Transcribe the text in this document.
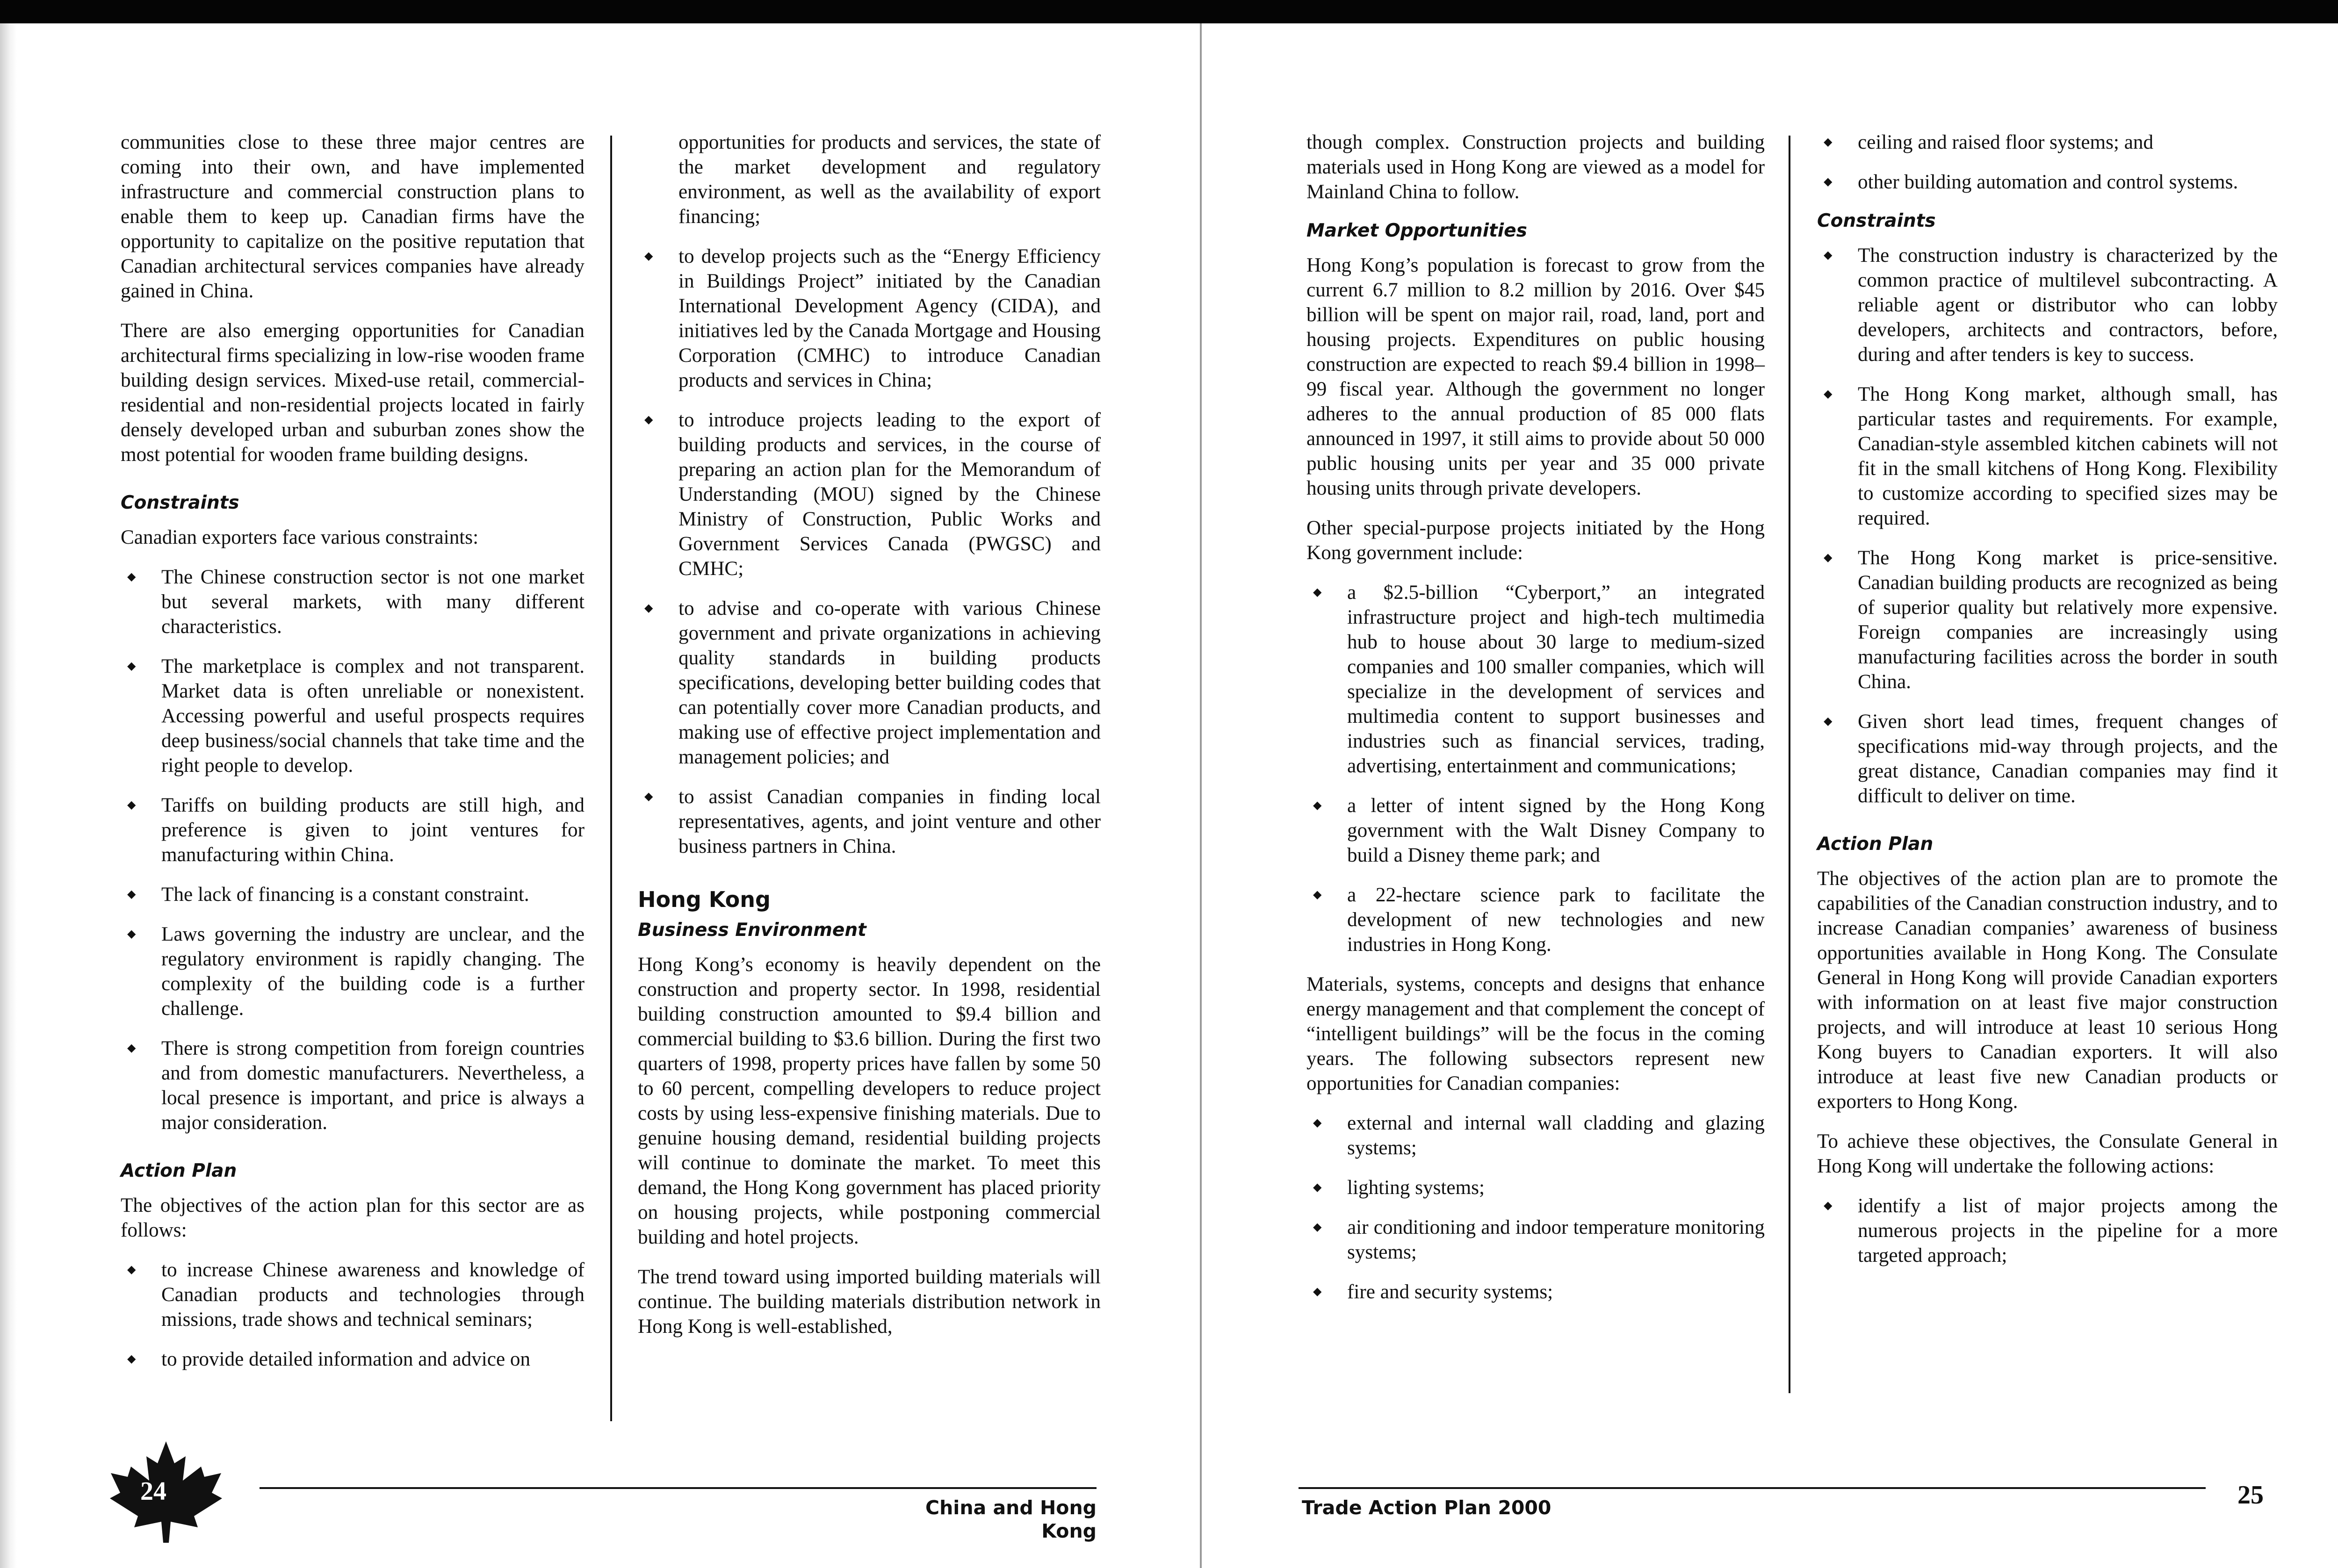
communities close to these three major centres are coming into their own, and have implemented infrastructure and commercial construction plans to enable them to keep up. Canadian firms have the opportunity to capitalize on the positive reputation that Canadian architectural services companies have already gained in China.

There are also emerging opportunities for Canadian architectural firms specializing in low-rise wooden frame building design services. Mixed-use retail, commercial-residential and non-residential projects located in fairly densely developed urban and suburban zones show the most potential for wooden frame building designs.

Constraints

Canadian exporters face various constraints:

◆ The Chinese construction sector is not one market but several markets, with many different characteristics.
◆ The marketplace is complex and not transparent. Market data is often unreliable or nonexistent. Accessing powerful and useful prospects requires deep business/social channels that take time and the right people to develop.
◆ Tariffs on building products are still high, and preference is given to joint ventures for manufacturing within China.
◆ The lack of financing is a constant constraint.
◆ Laws governing the industry are unclear, and the regulatory environment is rapidly changing. The complexity of the building code is a further challenge.
◆ There is strong competition from foreign countries and from domestic manufacturers. Nevertheless, a local presence is important, and price is always a major consideration.
Action Plan

The objectives of the action plan for this sector are as follows:

◆ to increase Chinese awareness and knowledge of Canadian products and technologies through missions, trade shows and technical seminars;
◆ to provide detailed information and advice on

opportunities for products and services, the state of the market development and regulatory environment, as well as the availability of export financing;

◆ to develop projects such as the “Energy Efficiency in Buildings Project” initiated by the Canadian International Development Agency (CIDA), and initiatives led by the Canada Mortgage and Housing Corporation (CMHC) to introduce Canadian products and services in China;
◆ to introduce projects leading to the export of building products and services, in the course of preparing an action plan for the Memorandum of Understanding (MOU) signed by the Chinese Ministry of Construction, Public Works and Government Services Canada (PWGSC) and CMHC;
◆ to advise and co-operate with various Chinese government and private organizations in achieving quality standards in building products specifications, developing better building codes that can potentially cover more Canadian products, and making use of effective project implementation and management policies; and
◆ to assist Canadian companies in finding local representatives, agents, and joint venture and other business partners in China.
Hong Kong
Business Environment

Hong Kong’s economy is heavily dependent on the construction and property sector. In 1998, residential building construction amounted to $9.4 billion and commercial building to $3.6 billion. During the first two quarters of 1998, property prices have fallen by some 50 to 60 percent, compelling developers to reduce project costs by using less-expensive finishing materials. Due to genuine housing demand, residential building projects will continue to dominate the market. To meet this demand, the Hong Kong government has placed priority on housing projects, while postponing commercial building and hotel projects.

The trend toward using imported building materials will continue. The building materials distribution network in Hong Kong is well-established,

24
China and Hong Kong

though complex. Construction projects and building materials used in Hong Kong are viewed as a model for Mainland China to follow.

Market Opportunities

Hong Kong’s population is forecast to grow from the current 6.7 million to 8.2 million by 2016. Over $45 billion will be spent on major rail, road, land, port and housing projects. Expenditures on public housing construction are expected to reach $9.4 billion in 1998–99 fiscal year. Although the government no longer adheres to the annual production of 85 000 flats announced in 1997, it still aims to provide about 50 000 public housing units per year and 35 000 private housing units through private developers.

Other special-purpose projects initiated by the Hong Kong government include:

◆ a $2.5-billion “Cyberport,” an integrated infrastructure project and high-tech multimedia hub to house about 30 large to medium-sized companies and 100 smaller companies, which will specialize in the development of services and multimedia content to support businesses and industries such as financial services, trading, advertising, entertainment and communications;
◆ a letter of intent signed by the Hong Kong government with the Walt Disney Company to build a Disney theme park; and
◆ a 22-hectare science park to facilitate the development of new technologies and new industries in Hong Kong.

Materials, systems, concepts and designs that enhance energy management and that complement the concept of “intelligent buildings” will be the focus in the coming years. The following subsectors represent new opportunities for Canadian companies:

◆ external and internal wall cladding and glazing systems;
◆ lighting systems;
◆ air conditioning and indoor temperature monitoring systems;
◆ fire and security systems;
◆ ceiling and raised floor systems; and
◆ other building automation and control systems.
Constraints
◆ The construction industry is characterized by the common practice of multilevel subcontracting. A reliable agent or distributor who can lobby developers, architects and contractors, before, during and after tenders is key to success.
◆ The Hong Kong market, although small, has particular tastes and requirements. For example, Canadian-style assembled kitchen cabinets will not fit in the small kitchens of Hong Kong. Flexibility to customize according to specified sizes may be required.
◆ The Hong Kong market is price-sensitive. Canadian building products are recognized as being of superior quality but relatively more expensive. Foreign companies are increasingly using manufacturing facilities across the border in south China.
◆ Given short lead times, frequent changes of specifications mid-way through projects, and the great distance, Canadian companies may find it difficult to deliver on time.
Action Plan

The objectives of the action plan are to promote the capabilities of the Canadian construction industry, and to increase Canadian companies’ awareness of business opportunities available in Hong Kong. The Consulate General in Hong Kong will provide Canadian exporters with information on at least five major construction projects, and will introduce at least 10 serious Hong Kong buyers to Canadian exporters. It will also introduce at least five new Canadian products or exporters to Hong Kong.

To achieve these objectives, the Consulate General in Hong Kong will undertake the following actions:

◆ identify a list of major projects among the numerous projects in the pipeline for a more targeted approach;
Trade Action Plan 2000	25
